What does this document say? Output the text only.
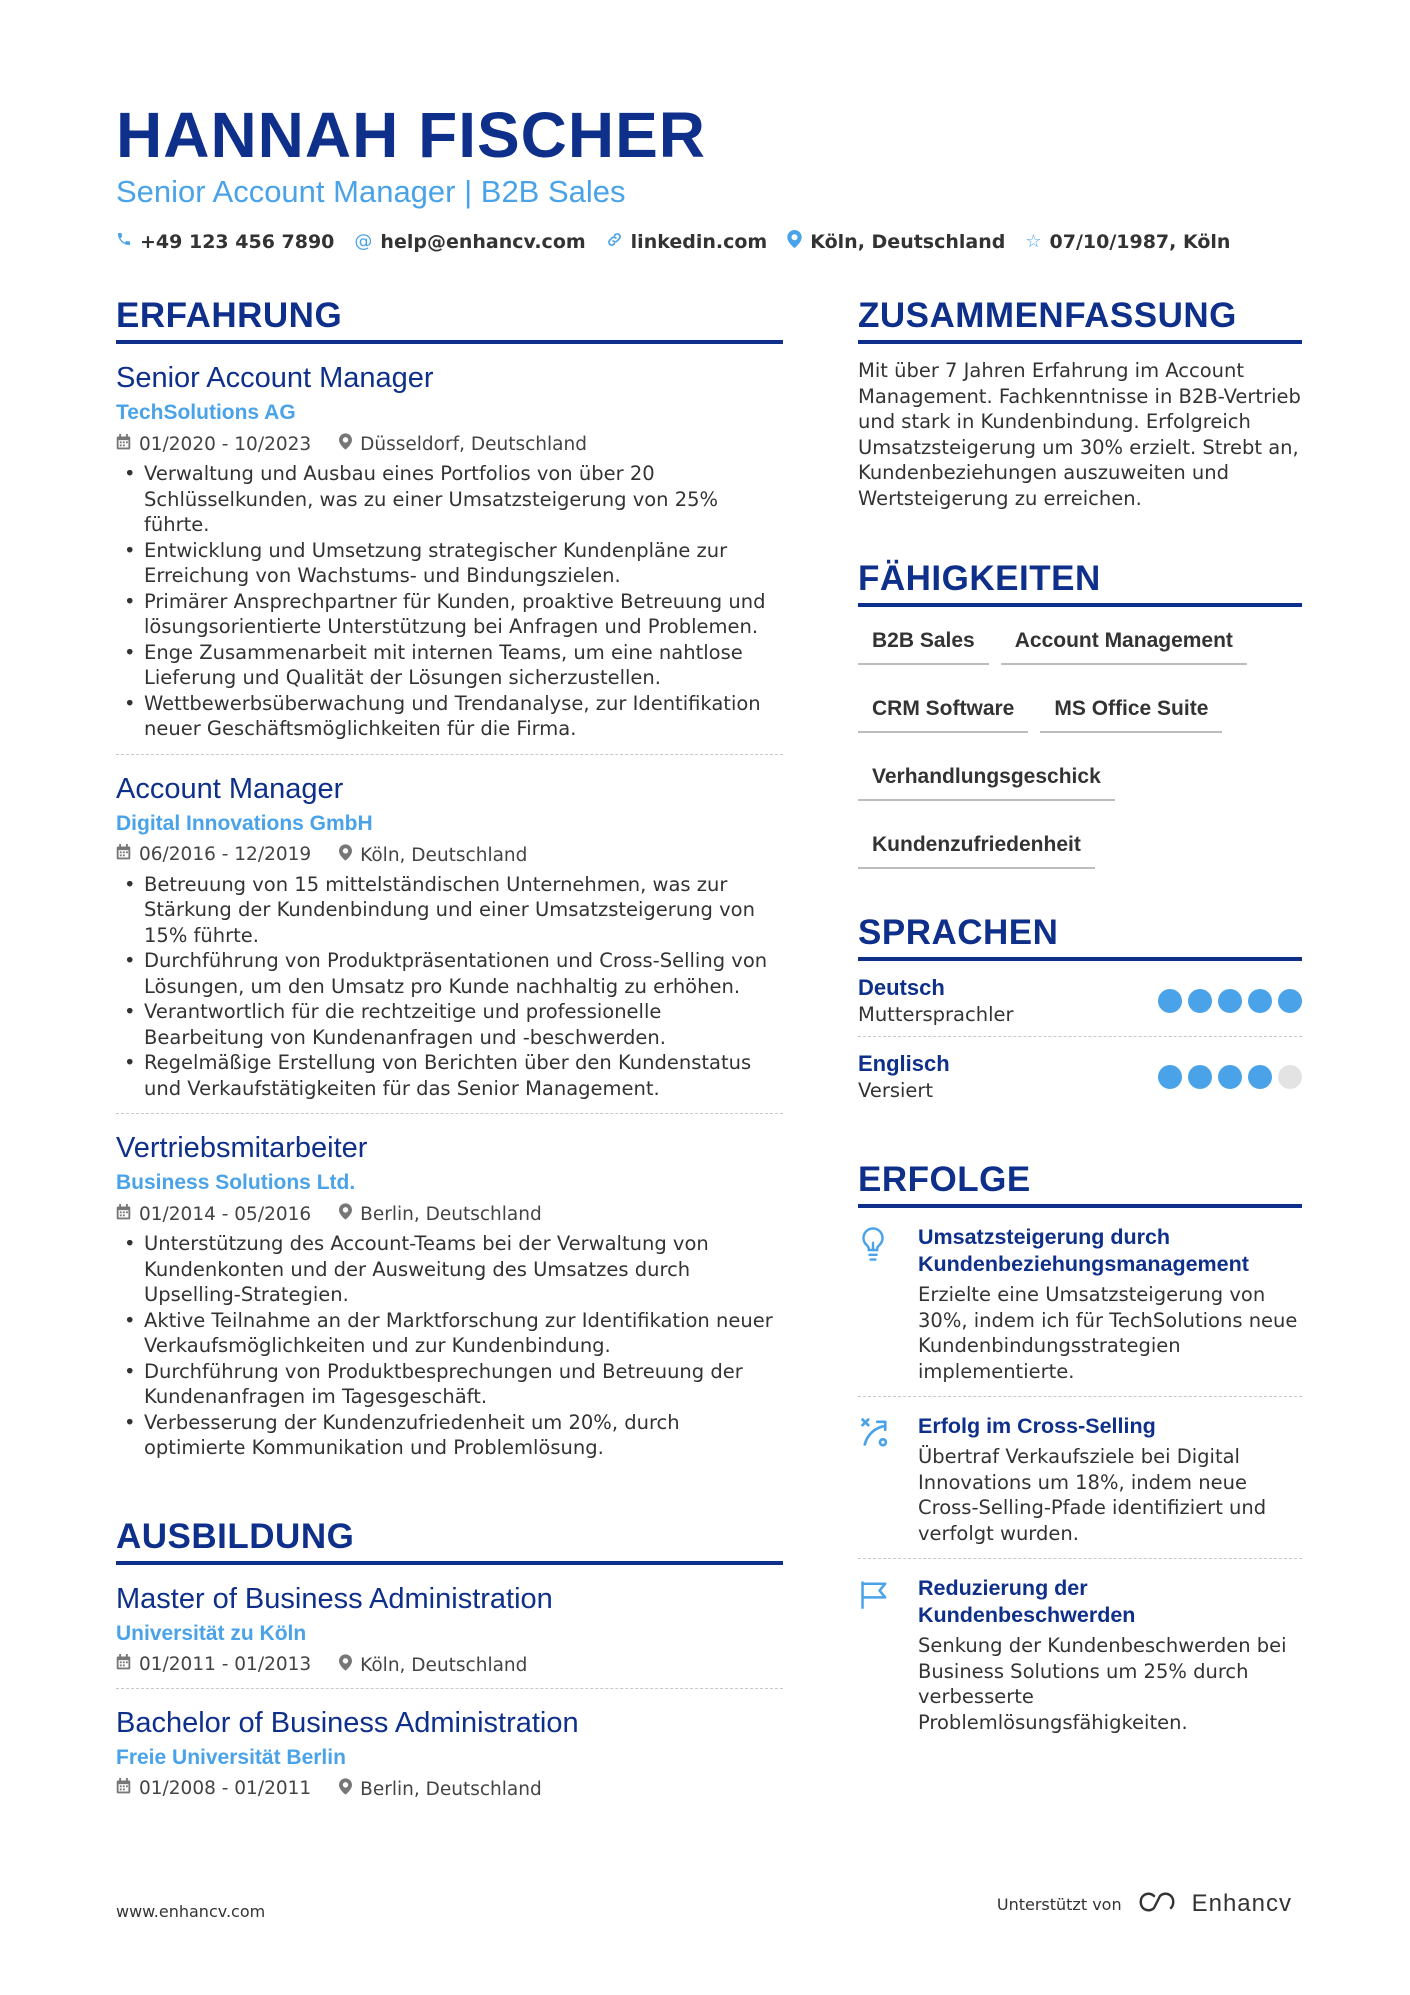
HANNAH FISCHER
Senior Account Manager | B2B Sales
+49 123 456 7890 @ help@enhancv.com linkedin.com Köln, Deutschland ☆ 07/10/1987, Köln
ERFAHRUNG
Senior Account Manager
TechSolutions AG
01/2020 - 10/2023	Düsseldorf, Deutschland
• Verwaltung und Ausbau eines Portfolios von über 20 Schlüsselkunden, was zu einer Umsatzsteigerung von 25% führte.
• Entwicklung und Umsetzung strategischer Kundenpläne zur Erreichung von Wachstums- und Bindungszielen.
• Primärer Ansprechpartner für Kunden, proaktive Betreuung und lösungsorientierte Unterstützung bei Anfragen und Problemen.
• Enge Zusammenarbeit mit internen Teams, um eine nahtlose Lieferung und Qualität der Lösungen sicherzustellen.
• Wettbewerbsüberwachung und Trendanalyse, zur Identifikation neuer Geschäftsmöglichkeiten für die Firma.
Account Manager
Digital Innovations GmbH
06/2016 - 12/2019	Köln, Deutschland
• Betreuung von 15 mittelständischen Unternehmen, was zur Stärkung der Kundenbindung und einer Umsatzsteigerung von 15% führte.
• Durchführung von Produktpräsentationen und Cross-Selling von Lösungen, um den Umsatz pro Kunde nachhaltig zu erhöhen.
• Verantwortlich für die rechtzeitige und professionelle Bearbeitung von Kundenanfragen und -beschwerden.
• Regelmäßige Erstellung von Berichten über den Kundenstatus und Verkaufstätigkeiten für das Senior Management.
Vertriebsmitarbeiter
Business Solutions Ltd.
01/2014 - 05/2016	Berlin, Deutschland
• Unterstützung des Account-Teams bei der Verwaltung von Kundenkonten und der Ausweitung des Umsatzes durch Upselling-Strategien.
• Aktive Teilnahme an der Marktforschung zur Identifikation neuer Verkaufsmöglichkeiten und zur Kundenbindung.
• Durchführung von Produktbesprechungen und Betreuung der Kundenanfragen im Tagesgeschäft.
• Verbesserung der Kundenzufriedenheit um 20%, durch optimierte Kommunikation und Problemlösung.
AUSBILDUNG
Master of Business Administration
Universität zu Köln
01/2011 - 01/2013	Köln, Deutschland
Bachelor of Business Administration
Freie Universität Berlin
01/2008 - 01/2011	Berlin, Deutschland
ZUSAMMENFASSUNG

Mit über 7 Jahren Erfahrung im Account Management. Fachkenntnisse in B2B-Vertrieb und stark in Kundenbindung. Erfolgreich Umsatzsteigerung um 30% erzielt. Strebt an, Kundenbeziehungen auszuweiten und Wertsteigerung zu erreichen.

FÄHIGKEITEN
B2B Sales	Account Management
CRM Software	MS Office Suite
Verhandlungsgeschick
Kundenzufriedenheit
SPRACHEN
Deutsch
Muttersprachler
Englisch
Versiert
ERFOLGE
Umsatzsteigerung durch Kundenbeziehungsmanagement
Erzielte eine Umsatzsteigerung von 30%, indem ich für TechSolutions neue Kundenbindungsstrategien implementierte.
Erfolg im Cross-Selling
Übertraf Verkaufsziele bei Digital Innovations um 18%, indem neue Cross-Selling-Pfade identifiziert und verfolgt wurden.
Reduzierung der Kundenbeschwerden
Senkung der Kundenbeschwerden bei Business Solutions um 25% durch verbesserte Problemlösungsfähigkeiten.
www.enhancv.com	Unterstützt von	Enhancv
